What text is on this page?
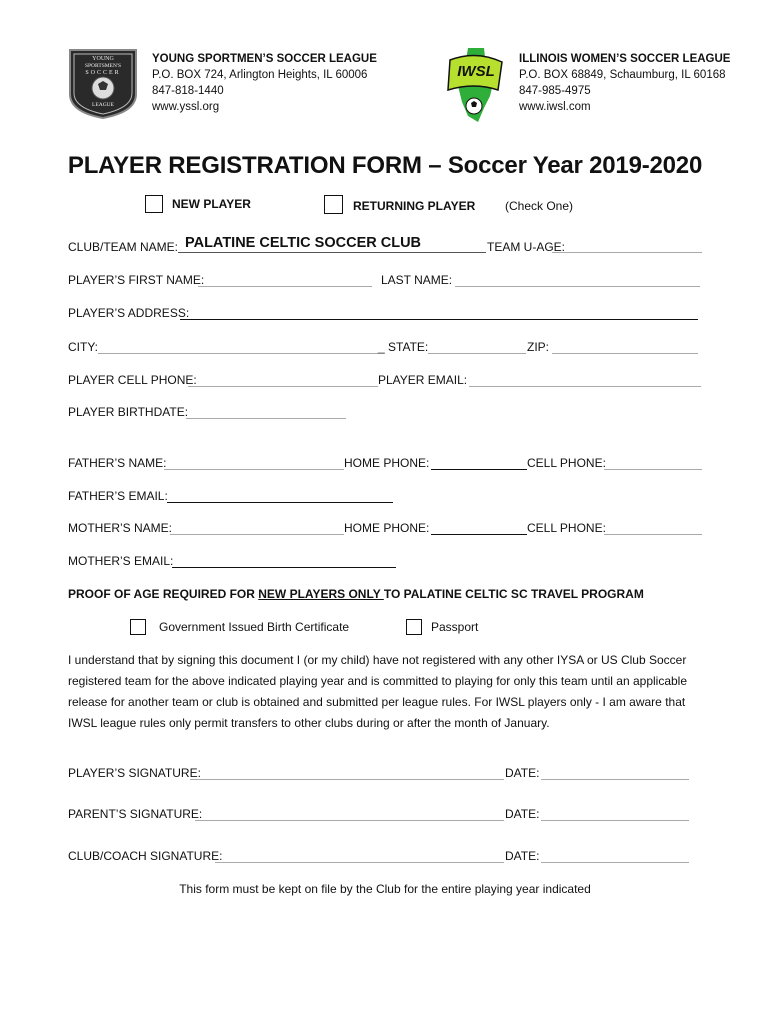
YOUNG
SPORTSMEN'S
SOCCER
LEAGUE
YOUNG SPORTMEN’S SOCCER LEAGUE
P.O. BOX 724, Arlington Heights, IL 60006
847-818-1440
www.yssl.org
IWSL
ILLINOIS WOMEN’S SOCCER LEAGUE
P.O. BOX 68849, Schaumburg, IL 60168
847-985-4975
www.iwsl.com
PLAYER REGISTRATION FORM – Soccer Year 2019-2020
NEW PLAYER	RETURNING PLAYER (Check One)
CLUB/TEAM NAME: PALATINE CELTIC SOCCER CLUB	TEAM U-AGE:
PLAYER’S FIRST NAME:	LAST NAME:
PLAYER’S ADDRESS:
CITY:	_ STATE:	ZIP:
PLAYER CELL PHONE:	PLAYER EMAIL:
PLAYER BIRTHDATE:
FATHER’S NAME:	HOME PHONE:	CELL PHONE:
FATHER’S EMAIL:
MOTHER’S NAME:	HOME PHONE:	CELL PHONE:
MOTHER’S EMAIL:
PROOF OF AGE REQUIRED FOR NEW PLAYERS ONLY TO PALATINE CELTIC SC TRAVEL PROGRAM
Government Issued Birth Certificate	Passport
I understand that by signing this document I (or my child) have not registered with any other IYSA or US Club Soccer registered team for the above indicated playing year and is committed to playing for only this team until an applicable release for another team or club is obtained and submitted per league rules. For IWSL players only - I am aware that IWSL league rules only permit transfers to other clubs during or after the month of January.
PLAYER’S SIGNATURE:	DATE:
PARENT’S SIGNATURE:	DATE:
CLUB/COACH SIGNATURE:	DATE:
This form must be kept on file by the Club for the entire playing year indicated
